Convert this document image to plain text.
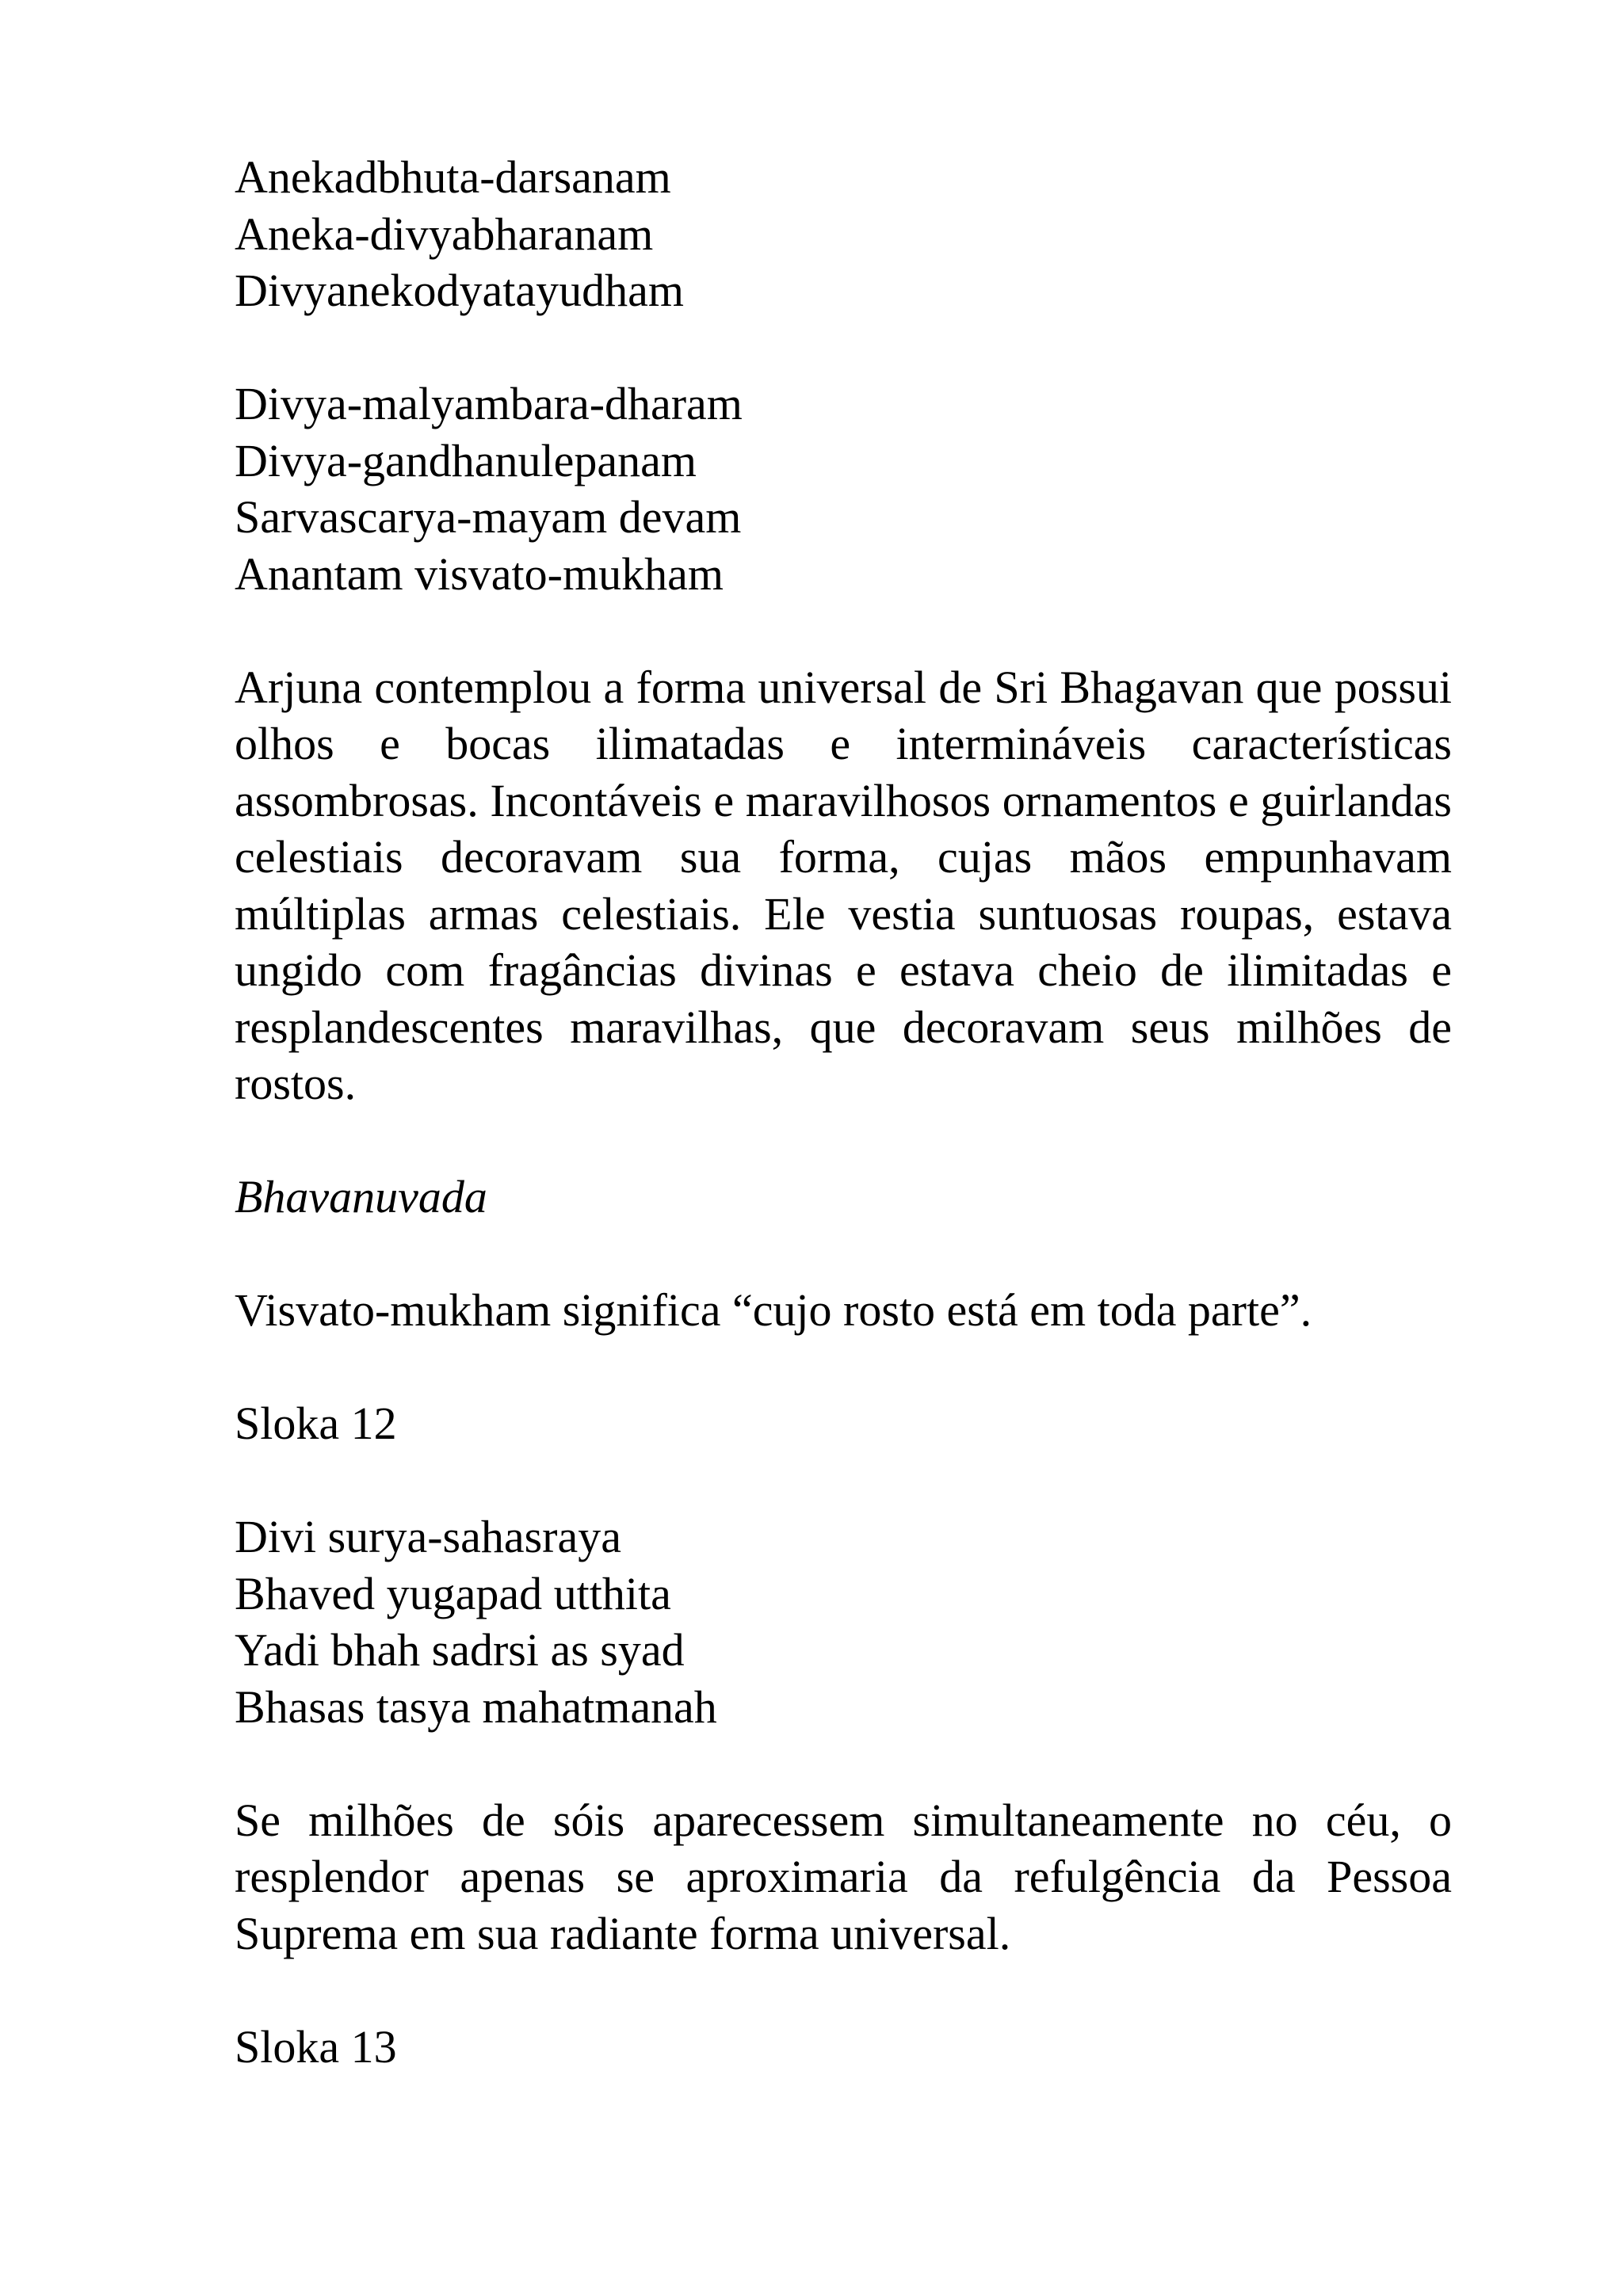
Anekadbhuta-darsanam
Aneka-divyabharanam
Divyanekodyatayudham
Divya-malyambara-dharam
Divya-gandhanulepanam
Sarvascarya-mayam devam
Anantam visvato-mukham

Arjuna contemplou a forma universal de Sri Bhagavan que possui olhos e bocas ilimatadas e intermináveis características assombrosas. Incontáveis e maravilhosos ornamentos e guirlandas celestiais decoravam sua forma, cujas mãos empunhavam múltiplas armas celestiais. Ele vestia suntuosas roupas, estava ungido com fragâncias divinas e estava cheio de ilimitadas e resplandescentes maravilhas, que decoravam seus milhões de rostos.

Bhavanuvada

Visvato-mukham significa “cujo rosto está em toda parte”.

Sloka 12

Divi surya-sahasraya
Bhaved yugapad utthita
Yadi bhah sadrsi as syad
Bhasas tasya mahatmanah

Se milhões de sóis aparecessem simultaneamente no céu, o resplendor apenas se aproximaria da refulgência da Pessoa Suprema em sua radiante forma universal.

Sloka 13
